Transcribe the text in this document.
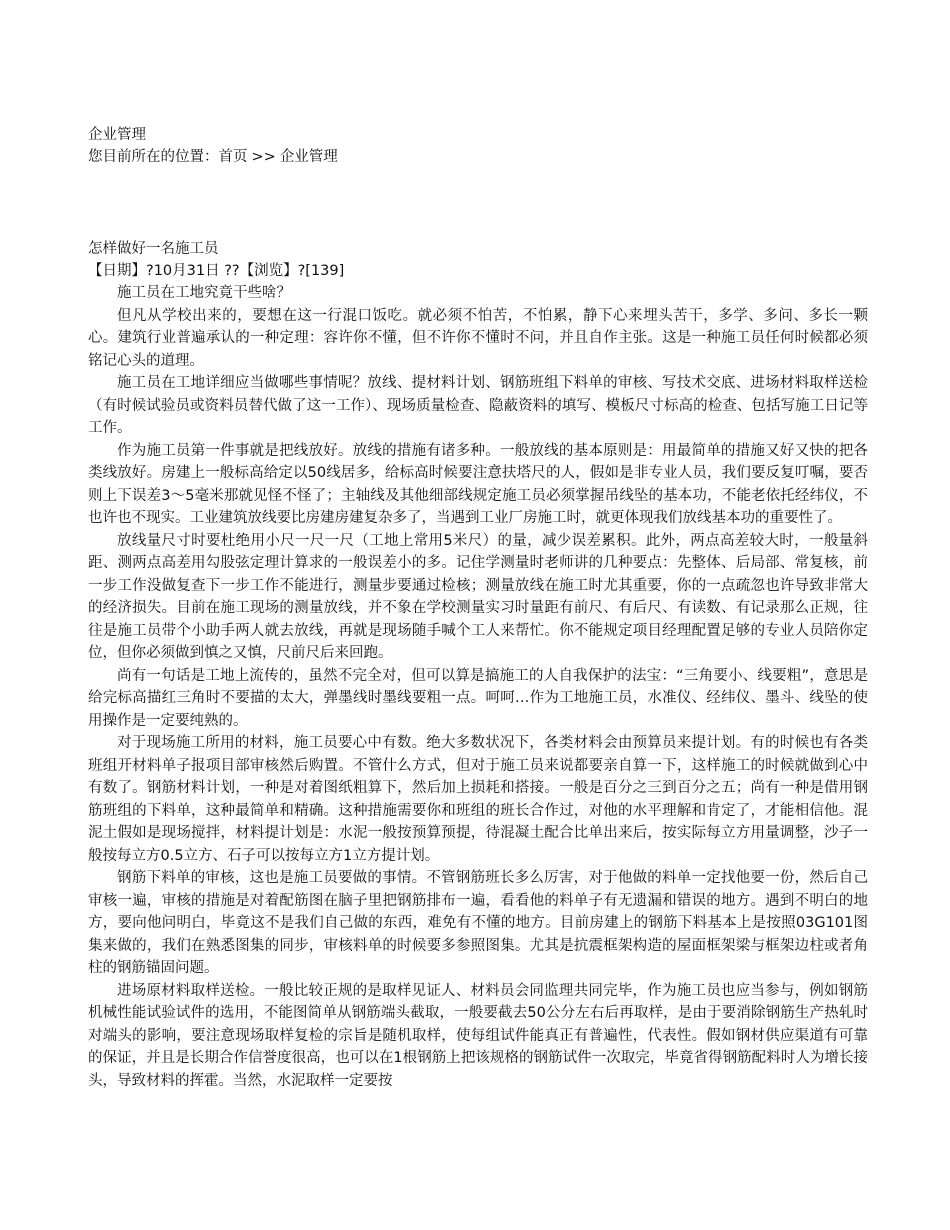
企业管理
您目前所在的位置：首页 >> 企业管理
怎样做好一名施工员
【日期】?10月31日 ??【浏览】?[139]

施工员在工地究竟干些啥？

但凡从学校出来的，要想在这一行混口饭吃。就必须不怕苦，不怕累，静下心来埋头苦干，多学、多问、多长一颗心。建筑行业普遍承认的一种定理：容许你不懂，但不许你不懂时不问，并且自作主张。这是一种施工员任何时候都必须铭记心头的道理。

施工员在工地详细应当做哪些事情呢？放线、提材料计划、钢筋班组下料单的审核、写技术交底、进场材料取样送检（有时候试验员或资料员替代做了这一工作）、现场质量检查、隐蔽资料的填写、模板尺寸标高的检查、包括写施工日记等工作。

作为施工员第一件事就是把线放好。放线的措施有诸多种。一般放线的基本原则是：用最简单的措施又好又快的把各类线放好。房建上一般标高给定以50线居多，给标高时候要注意扶塔尺的人，假如是非专业人员，我们要反复叮嘱，要否则上下误差3～5毫米那就见怪不怪了；主轴线及其他细部线规定施工员必须掌握吊线坠的基本功，不能老依托经纬仪，不也许也不现实。工业建筑放线要比房建房建复杂多了，当遇到工业厂房施工时，就更体现我们放线基本功的重要性了。

放线量尺寸时要杜绝用小尺一尺一尺（工地上常用5米尺）的量，减少误差累积。此外，两点高差较大时，一般量斜距、测两点高差用勾股弦定理计算求的一般误差小的多。记住学测量时老师讲的几种要点：先整体、后局部、常复核，前一步工作没做复查下一步工作不能进行，测量步要通过检核；测量放线在施工时尤其重要，你的一点疏忽也许导致非常大的经济损失。目前在施工现场的测量放线，并不象在学校测量实习时量距有前尺、有后尺、有读数、有记录那么正规，往往是施工员带个小助手两人就去放线，再就是现场随手喊个工人来帮忙。你不能规定项目经理配置足够的专业人员陪你定位，但你必须做到慎之又慎，尺前尺后来回跑。

尚有一句话是工地上流传的，虽然不完全对，但可以算是搞施工的人自我保护的法宝：“三角要小、线要粗”，意思是给完标高描红三角时不要描的太大，弹墨线时墨线要粗一点。呵呵…作为工地施工员，水准仪、经纬仪、墨斗、线坠的使用操作是一定要纯熟的。

对于现场施工所用的材料，施工员要心中有数。绝大多数状况下，各类材料会由预算员来提计划。有的时候也有各类班组开材料单子报项目部审核然后购置。不管什么方式，但对于施工员来说都要亲自算一下，这样施工的时候就做到心中有数了。钢筋材料计划，一种是对着图纸粗算下，然后加上损耗和搭接。一般是百分之三到百分之五；尚有一种是借用钢筋班组的下料单，这种最简单和精确。这种措施需要你和班组的班长合作过，对他的水平理解和肯定了，才能相信他。混泥土假如是现场搅拌，材料提计划是：水泥一般按预算预提，待混凝土配合比单出来后，按实际每立方用量调整，沙子一般按每立方0.5立方、石子可以按每立方1立方提计划。

钢筋下料单的审核，这也是施工员要做的事情。不管钢筋班长多么厉害，对于他做的料单一定找他要一份，然后自己审核一遍，审核的措施是对着配筋图在脑子里把钢筋排布一遍，看看他的料单子有无遗漏和错误的地方。遇到不明白的地方，要向他问明白，毕竟这不是我们自己做的东西，难免有不懂的地方。目前房建上的钢筋下料基本上是按照03G101图集来做的，我们在熟悉图集的同步，审核料单的时候要多参照图集。尤其是抗震框架构造的屋面框架梁与框架边柱或者角柱的钢筋锚固问题。

进场原材料取样送检。一般比较正规的是取样见证人、材料员会同监理共同完毕，作为施工员也应当参与，例如钢筋机械性能试验试件的选用，不能图简单从钢筋端头截取，一般要截去50公分左右后再取样，是由于要消除钢筋生产热轧时对端头的影响，要注意现场取样复检的宗旨是随机取样，使每组试件能真正有普遍性，代表性。假如钢材供应渠道有可靠的保证，并且是长期合作信誉度很高，也可以在1根钢筋上把该规格的钢筋试件一次取完，毕竟省得钢筋配料时人为增长接头，导致材料的挥霍。当然，水泥取样一定要按
